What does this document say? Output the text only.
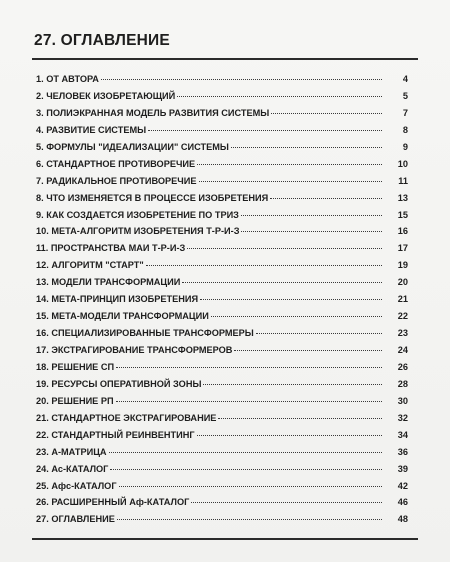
27. ОГЛАВЛЕНИЕ
1. ОТ АВТОРА	4
2. ЧЕЛОВЕК ИЗОБРЕТАЮЩИЙ	5
3. ПОЛИЭКРАННАЯ МОДЕЛЬ РАЗВИТИЯ СИСТЕМЫ	7
4. РАЗВИТИЕ СИСТЕМЫ	8
5. ФОРМУЛЫ "ИДЕАЛИЗАЦИИ" СИСТЕМЫ	9
6. СТАНДАРТНОЕ ПРОТИВОРЕЧИЕ	10
7. РАДИКАЛЬНОЕ ПРОТИВОРЕЧИЕ	11
8. ЧТО ИЗМЕНЯЕТСЯ В ПРОЦЕССЕ ИЗОБРЕТЕНИЯ	13
9. КАК СОЗДАЕТСЯ ИЗОБРЕТЕНИЕ ПО ТРИЗ	15
10. МЕТА-АЛГОРИТМ ИЗОБРЕТЕНИЯ Т-Р-И-З	16
11. ПРОСТРАНСТВА МАИ Т-Р-И-З	17
12. АЛГОРИТМ "СТАРТ"	19
13. МОДЕЛИ ТРАНСФОРМАЦИИ	20
14. МЕТА-ПРИНЦИП ИЗОБРЕТЕНИЯ	21
15. МЕТА-МОДЕЛИ ТРАНСФОРМАЦИИ	22
16. СПЕЦИАЛИЗИРОВАННЫЕ ТРАНСФОРМЕРЫ	23
17. ЭКСТРАГИРОВАНИЕ ТРАНСФОРМЕРОВ	24
18. РЕШЕНИЕ СП	26
19. РЕСУРСЫ ОПЕРАТИВНОЙ ЗОНЫ	28
20. РЕШЕНИЕ РП	30
21. СТАНДАРТНОЕ ЭКСТРАГИРОВАНИЕ	32
22. СТАНДАРТНЫЙ РЕИНВЕНТИНГ	34
23. А-МАТРИЦА	36
24. Ас-КАТАЛОГ	39
25. Афс-КАТАЛОГ	42
26. РАСШИРЕННЫЙ Аф-КАТАЛОГ	46
27. ОГЛАВЛЕНИЕ	48
